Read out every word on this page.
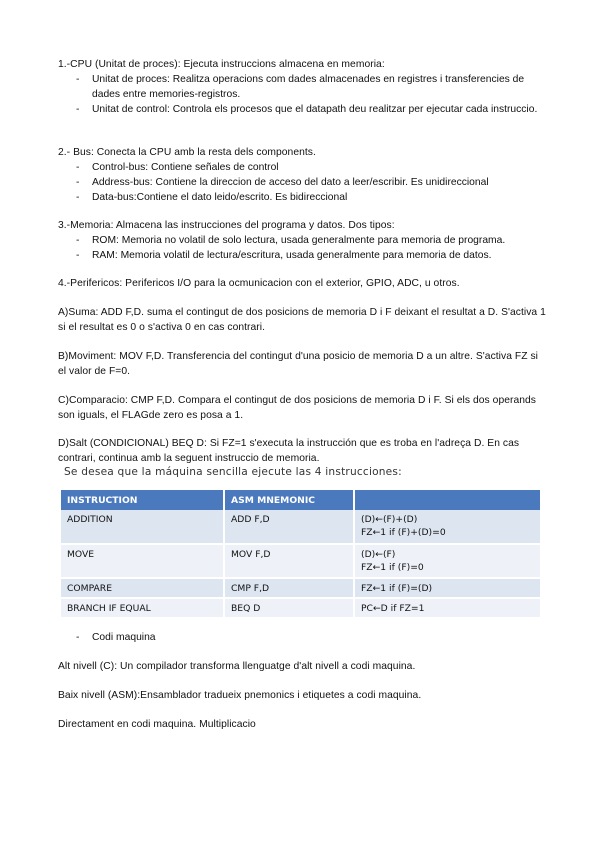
1.-CPU (Unitat de proces): Ejecuta instruccions almacena en memoria:
- Unitat de proces: Realitza operacions com dades almacenades en registres i transferencies de dades entre memories-registros.
- Unitat de control: Controla els procesos que el datapath deu realitzar per ejecutar cada instruccio.
2.- Bus: Conecta la CPU amb la resta dels components.
- Control-bus: Contiene señales de control
- Address-bus: Contiene la direccion de acceso del dato a leer/escribir. Es unidireccional
- Data-bus:Contiene el dato leido/escrito. Es bidireccional
3.-Memoria: Almacena las instrucciones del programa y datos. Dos tipos:
- ROM: Memoria no volatil de solo lectura, usada generalmente para memoria de programa.
- RAM: Memoria volatil de lectura/escritura, usada generalmente para memoria de datos.
4.-Perifericos: Perifericos I/O para la ocmunicacion con el exterior, GPIO, ADC, u otros.
A)Suma: ADD F,D. suma el contingut de dos posicions de memoria D i F deixant el resultat a D. S'activa 1 si el resultat es 0 o s'activa 0 en cas contrari.
B)Moviment: MOV F,D. Transferencia del contingut d'una posicio de memoria D a un altre. S'activa FZ si el valor de F=0.
C)Comparacio: CMP F,D. Compara el contingut de dos posicions de memoria D i F. Si els dos operands son iguals, el FLAGde zero es posa a 1.
D)Salt (CONDICIONAL) BEQ D: Si FZ=1 s'executa la instrucción que es troba en l'adreça D. En cas contrari, continua amb la seguent instruccio de memoria.
Se desea que la máquina sencilla ejecute las 4 instrucciones:
INSTRUCTION	ASM MNEMONIC	
ADDITION	ADD F,D	(D)←(F)+(D)
FZ←1 if (F)+(D)=0

MOVE	MOV F,D	(D)←(F)
FZ←1 if (F)=0

COMPARE	CMP F,D	FZ←1 if (F)=(D)

BRANCH IF EQUAL	BEQ D	PC←D if FZ=1
- Codi maquina
Alt nivell (C): Un compilador transforma llenguatge d'alt nivell a codi maquina.
Baix nivell (ASM):Ensamblador tradueix pnemonics i etiquetes a codi maquina.
Directament en codi maquina. Multiplicacio
